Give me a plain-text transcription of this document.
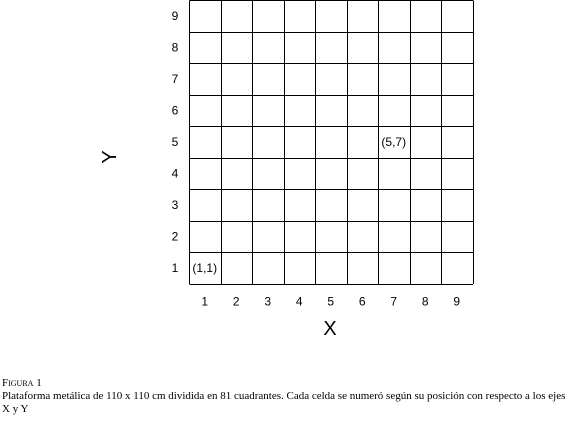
1 2 3 4 5 6 7 8 9
1
2
3
4
5
6
7
8
9
(1,1)
(5,7)
X
Y
Figura 1
Plataforma metálica de 110 x 110 cm dividida en 81 cuadrantes. Cada celda se numeró según su posición con respecto a los ejes X y Y
